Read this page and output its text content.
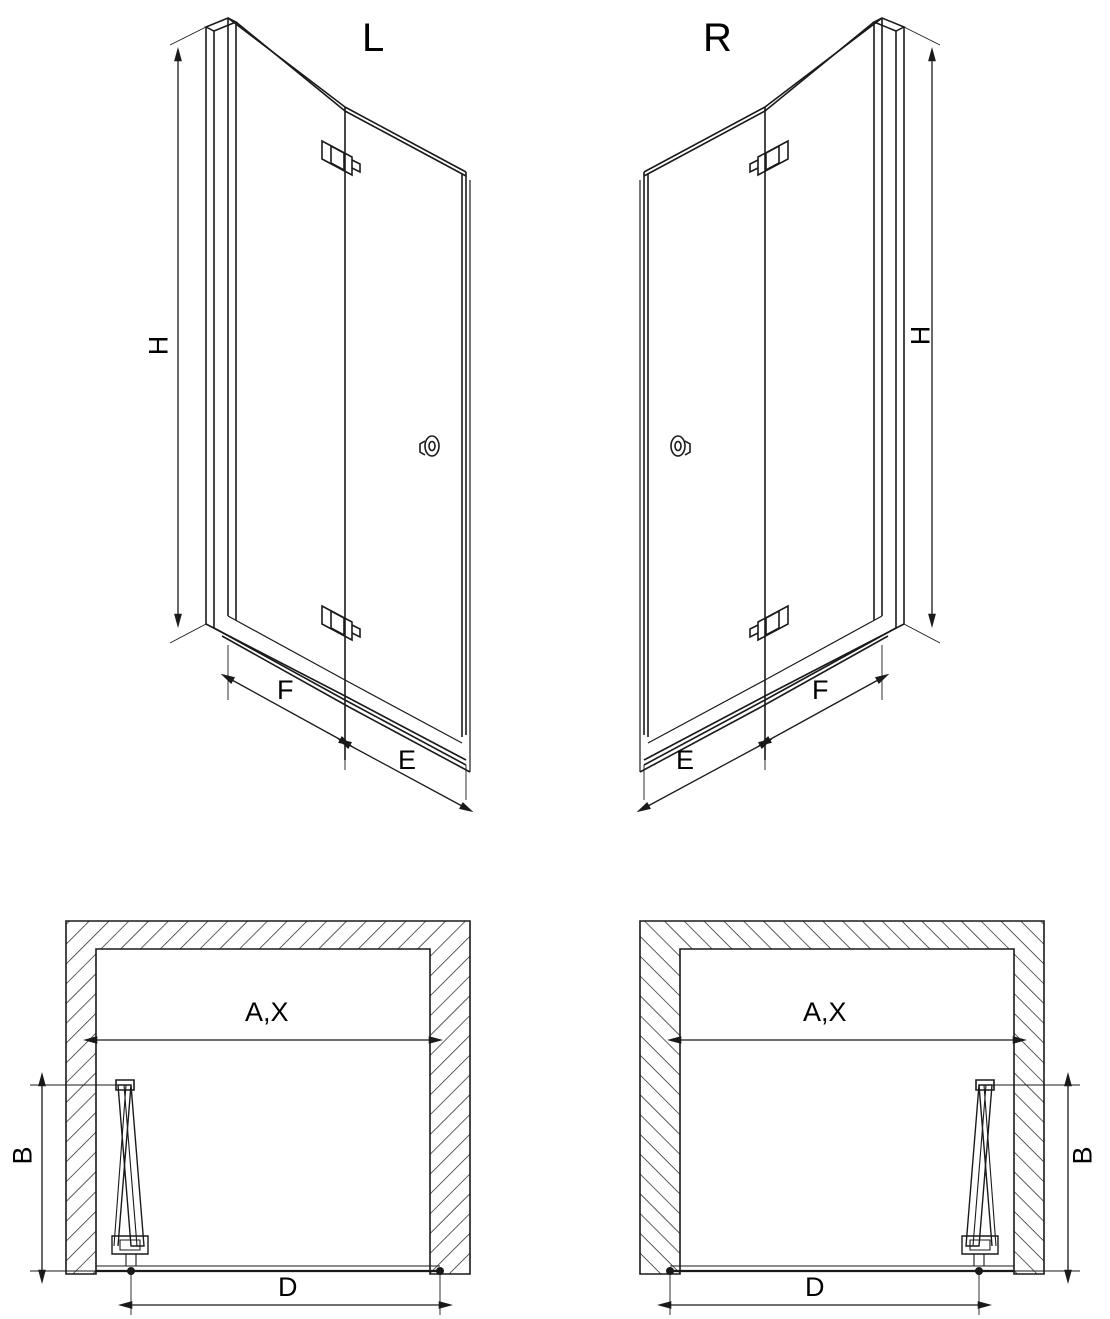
L	R
H
H
F
E
F
E
A,X	A,X
B	B
D	D
